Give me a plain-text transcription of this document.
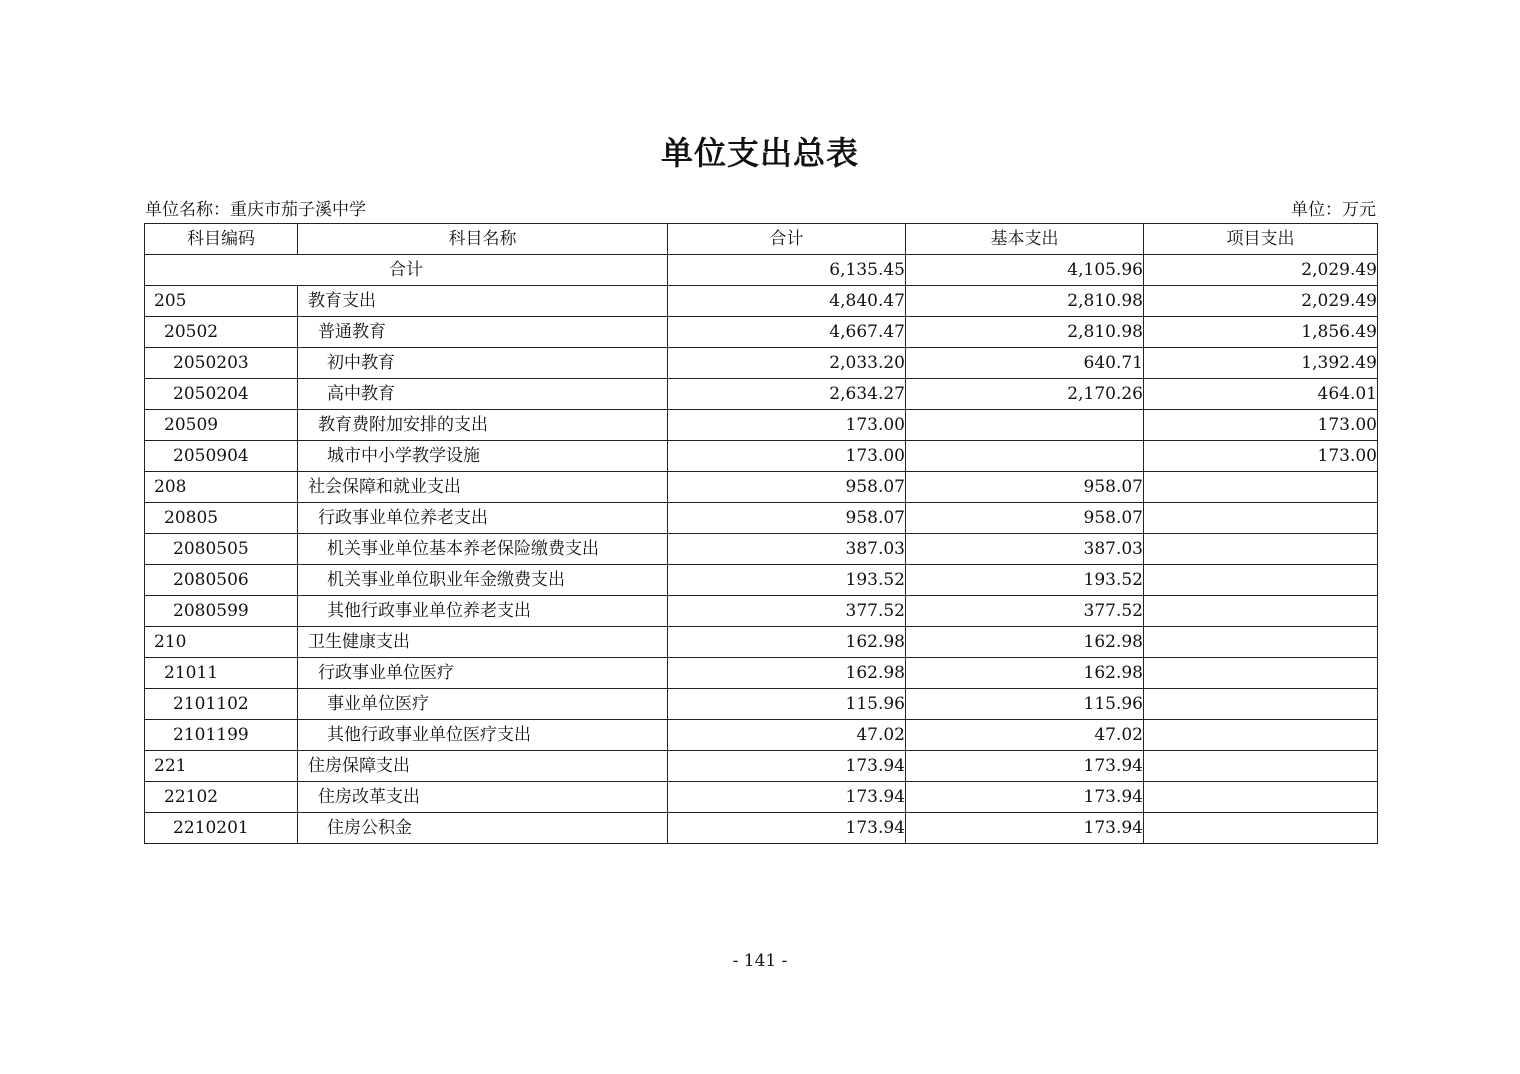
单位支出总表
单位名称：重庆市茄子溪中学	单位：万元
科目编码	科目名称	合计	基本支出	项目支出
合计		6,135.45	4,105.96	2,029.49
205	教育支出	4,840.47	2,810.98	2,029.49
20502	普通教育	4,667.47	2,810.98	1,856.49
2050203	初中教育	2,033.20	640.71	1,392.49
2050204	高中教育	2,634.27	2,170.26	464.01
20509	教育费附加安排的支出	173.00		173.00
2050904	城市中小学教学设施	173.00		173.00
208	社会保障和就业支出	958.07	958.07	
20805	行政事业单位养老支出	958.07	958.07	
2080505	机关事业单位基本养老保险缴费支出	387.03	387.03	
2080506	机关事业单位职业年金缴费支出	193.52	193.52	
2080599	其他行政事业单位养老支出	377.52	377.52	
210	卫生健康支出	162.98	162.98	
21011	行政事业单位医疗	162.98	162.98	
2101102	事业单位医疗	115.96	115.96	
2101199	其他行政事业单位医疗支出	47.02	47.02	
221	住房保障支出	173.94	173.94	
22102	住房改革支出	173.94	173.94	
2210201	住房公积金	173.94	173.94	
- 141 -
